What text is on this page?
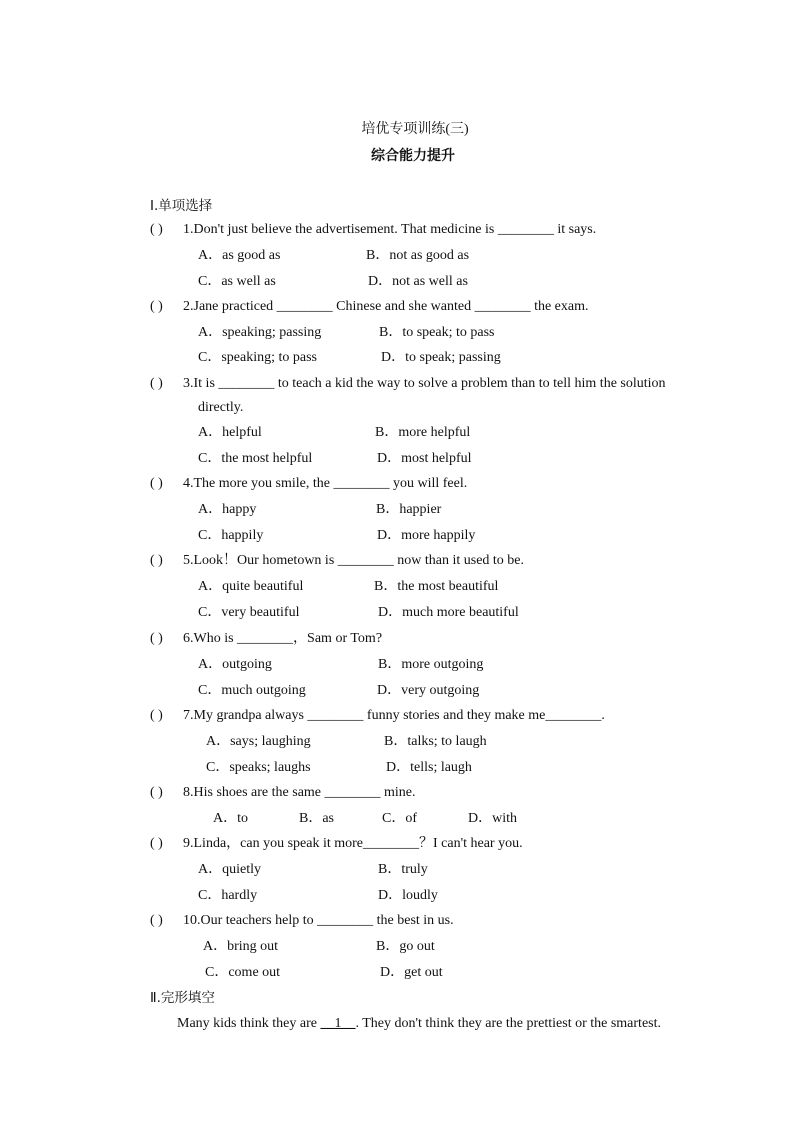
培优专项训练(三)
综合能力提升
Ⅰ.单项选择
( ) 1.Don't just believe the advertisement. That medicine is ________ it says.
A．as good as	B．not as good as
C．as well as	D．not as well as
( ) 2.Jane practiced ________ Chinese and she wanted ________ the exam.
A．speaking; passing	B．to speak; to pass
C．speaking; to pass	D．to speak; passing
( ) 3.It is ________ to teach a kid the way to solve a problem than to tell him the solution
directly.
A．helpful	B．more helpful
C．the most helpful	D．most helpful
( ) 4.The more you smile, the ________ you will feel.
A．happy	B．happier
C．happily	D．more happily
( ) 5.Look！Our hometown is ________ now than it used to be.
A．quite beautiful	B．the most beautiful
C．very beautiful	D．much more beautiful
( ) 6.Who is ________，Sam or Tom?
A．outgoing	B．more outgoing
C．much outgoing	D．very outgoing
( ) 7.My grandpa always ________ funny stories and they make me________.
A．says; laughing	B．talks; to laugh
C．speaks; laughs	D．tells; laugh
( ) 8.His shoes are the same ________ mine.
A．to	B．as	C．of	D．with
( ) 9.Linda，can you speak it more________？I can't hear you.
A．quietly	B．truly
C．hardly	D．loudly
( ) 10.Our teachers help to ________ the best in us.
A．bring out	B．go out
C．come out	D．get out
Ⅱ.完形填空
Many kids think they are __1__. They don't think they are the prettiest or the smartest.
